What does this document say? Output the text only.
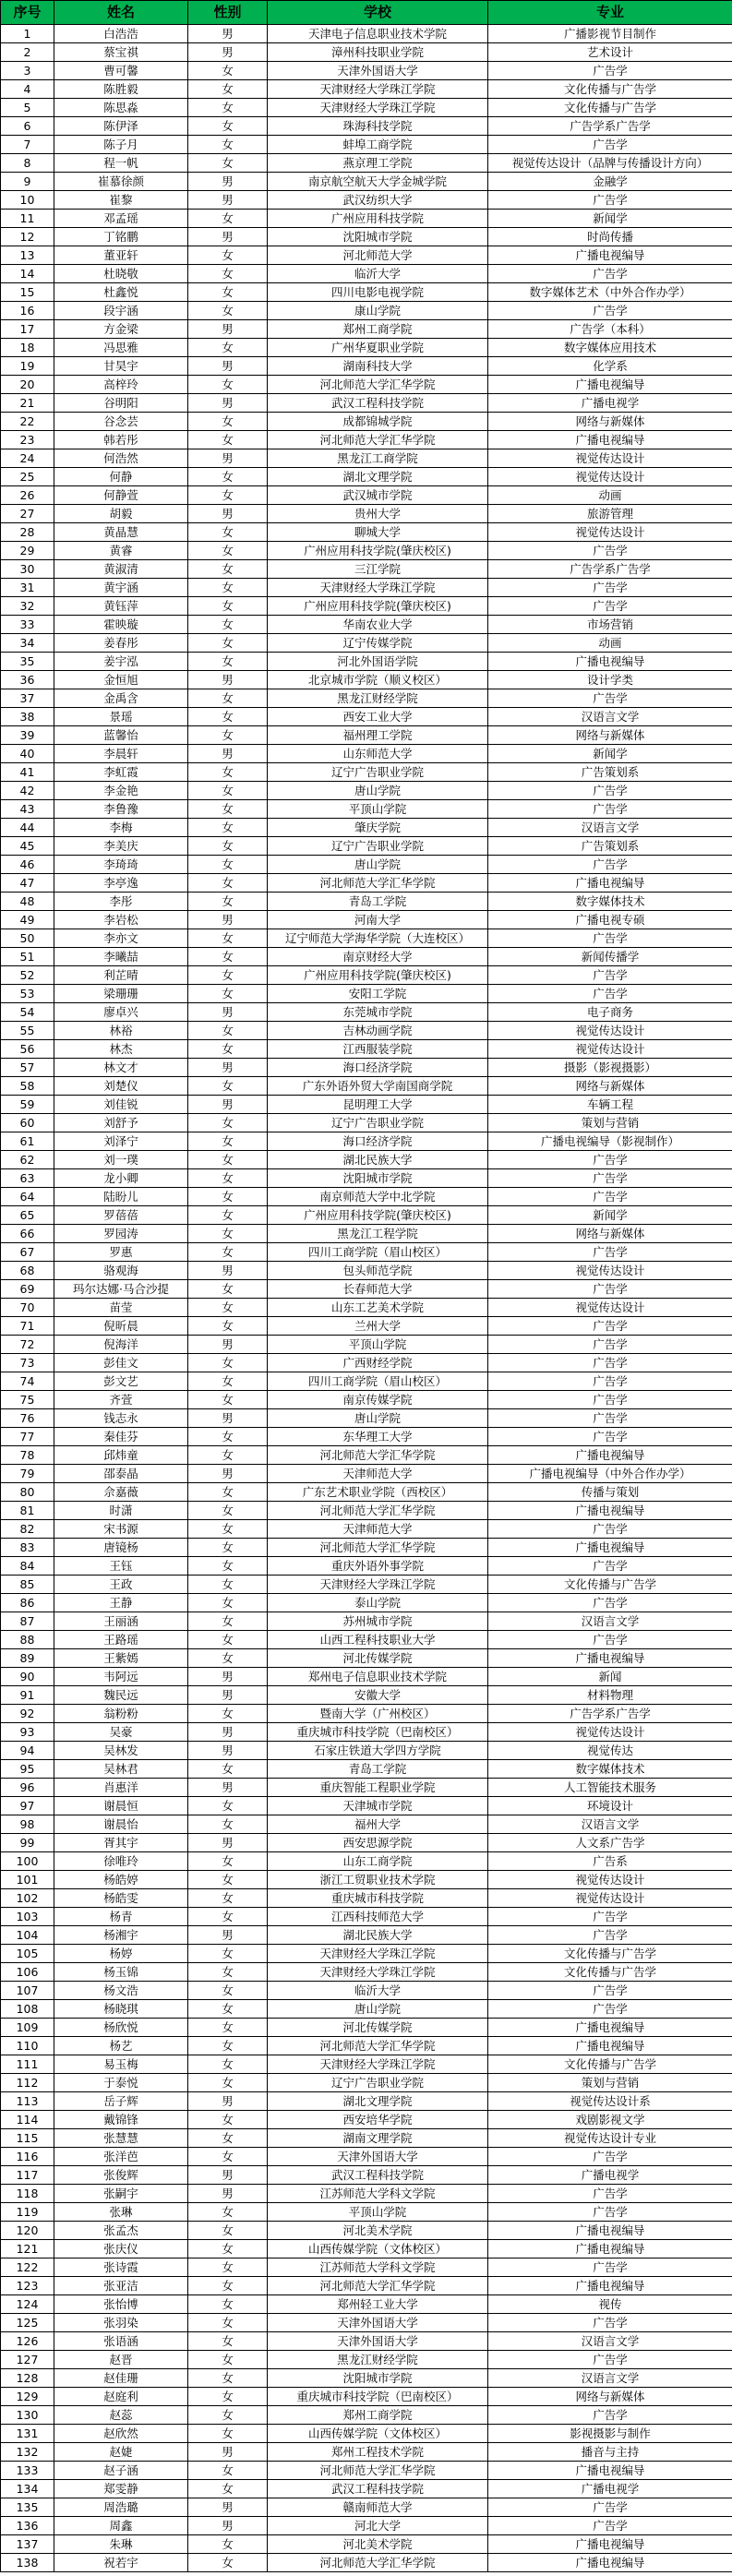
序号	姓名	性别	学校	专业
1	白浩浩	男	天津电子信息职业技术学院	广播影视节目制作
2	蔡宝祺	男	漳州科技职业学院	艺术设计
3	曹可馨	女	天津外国语大学	广告学
4	陈胜毅	女	天津财经大学珠江学院	文化传播与广告学
5	陈思淼	女	天津财经大学珠江学院	文化传播与广告学
6	陈伊泽	女	珠海科技学院	广告学系广告学
7	陈子月	女	蚌埠工商学院	广告学
8	程一帆	女	燕京理工学院	视觉传达设计（品牌与传播设计方向）
9	崔慕徐颜	男	南京航空航天大学金城学院	金融学
10	崔黎	男	武汉纺织大学	广告学
11	邓孟瑶	女	广州应用科技学院	新闻学
12	丁铭鹏	男	沈阳城市学院	时尚传播
13	董亚轩	女	河北师范大学	广播电视编导
14	杜晓敬	女	临沂大学	广告学
15	杜鑫悦	女	四川电影电视学院	数字媒体艺术（中外合作办学）
16	段宇涵	女	康山学院	广告学
17	方金梁	男	郑州工商学院	广告学（本科）
18	冯思雅	女	广州华夏职业学院	数字媒体应用技术
19	甘昊宇	男	湖南科技大学	化学系
20	高梓玲	女	河北师范大学汇华学院	广播电视编导
21	谷明阳	男	武汉工程科技学院	广播电视学
22	谷念芸	女	成都锦城学院	网络与新媒体
23	韩若彤	女	河北师范大学汇华学院	广播电视编导
24	何浩然	男	黑龙江工商学院	视觉传达设计
25	何静	女	湖北文理学院	视觉传达设计
26	何静萱	女	武汉城市学院	动画
27	胡毅	男	贵州大学	旅游管理
28	黄晶慧	女	聊城大学	视觉传达设计
29	黄睿	女	广州应用科技学院(肇庆校区)	广告学
30	黄淑清	女	三江学院	广告学系广告学
31	黄宇涵	女	天津财经大学珠江学院	广告学
32	黄钰萍	女	广州应用科技学院(肇庆校区)	广告学
33	霍映璇	女	华南农业大学	市场营销
34	姜春彤	女	辽宁传媒学院	动画
35	姜宇泓	女	河北外国语学院	广播电视编导
36	金恒旭	男	北京城市学院（顺义校区）	设计学类
37	金禹含	女	黑龙江财经学院	广告学
38	景瑶	女	西安工业大学	汉语言文学
39	蓝馨怡	女	福州理工学院	网络与新媒体
40	李晨轩	男	山东师范大学	新闻学
41	李虹霞	女	辽宁广告职业学院	广告策划系
42	李金艳	女	唐山学院	广告学
43	李鲁豫	女	平顶山学院	广告学
44	李梅	女	肇庆学院	汉语言文学
45	李美庆	女	辽宁广告职业学院	广告策划系
46	李琦琦	女	唐山学院	广告学
47	李亭逸	女	河北师范大学汇华学院	广播电视编导
48	李彤	女	青岛工学院	数字媒体技术
49	李岩松	男	河南大学	广播电视专硕
50	李亦文	女	辽宁师范大学海华学院（大连校区）	广告学
51	李曦喆	女	南京财经大学	新闻传播学
52	利芷晴	女	广州应用科技学院(肇庆校区)	广告学
53	梁珊珊	女	安阳工学院	广告学
54	廖卓兴	男	东莞城市学院	电子商务
55	林裕	女	吉林动画学院	视觉传达设计
56	林杰	女	江西服装学院	视觉传达设计
57	林文才	男	海口经济学院	摄影（影视摄影）
58	刘楚仪	女	广东外语外贸大学南国商学院	网络与新媒体
59	刘佳锐	男	昆明理工大学	车辆工程
60	刘舒予	女	辽宁广告职业学院	策划与营销
61	刘泽宁	女	海口经济学院	广播电视编导（影视制作）
62	刘一璞	女	湖北民族大学	广告学
63	龙小卿	女	沈阳城市学院	广告学
64	陆盼儿	女	南京师范大学中北学院	广告学
65	罗蓓蓓	女	广州应用科技学院(肇庆校区)	新闻学
66	罗园涛	女	黑龙江工程学院	网络与新媒体
67	罗惠	女	四川工商学院（眉山校区）	广告学
68	骆观海	男	包头师范学院	视觉传达设计
69	玛尔达娜·马合沙提	女	长春师范大学	广告学
70	苗莹	女	山东工艺美术学院	视觉传达设计
71	倪昕晨	女	兰州大学	广告学
72	倪海洋	男	平顶山学院	广告学
73	彭佳文	女	广西财经学院	广告学
74	彭文艺	女	四川工商学院（眉山校区）	广告学
75	齐萱	女	南京传媒学院	广告学
76	钱志永	男	唐山学院	广告学
77	秦佳芬	女	东华理工大学	广告学
78	邱炜童	女	河北师范大学汇华学院	广播电视编导
79	邵泰晶	男	天津师范大学	广播电视编导（中外合作办学）
80	佘嘉薇	女	广东艺术职业学院（西校区）	传播与策划
81	时潇	女	河北师范大学汇华学院	广播电视编导
82	宋书源	女	天津师范大学	广告学
83	唐镜杨	女	河北师范大学汇华学院	广播电视编导
84	王钰	女	重庆外语外事学院	广告学
85	王政	女	天津财经大学珠江学院	文化传播与广告学
86	王静	女	泰山学院	广告学
87	王丽涵	女	苏州城市学院	汉语言文学
88	王路瑶	女	山西工程科技职业大学	广告学
89	王紫嫣	女	河北传媒学院	广播电视编导
90	韦阿远	男	郑州电子信息职业技术学院	新闻
91	魏民远	男	安徽大学	材料物理
92	翁粉粉	女	暨南大学（广州校区）	广告学系广告学
93	吴豪	男	重庆城市科技学院（巴南校区）	视觉传达设计
94	吴林发	男	石家庄铁道大学四方学院	视觉传达
95	吴林君	女	青岛工学院	数字媒体技术
96	肖惠洋	男	重庆智能工程职业学院	人工智能技术服务
97	谢晨恒	女	天津城市学院	环境设计
98	谢晨怡	女	福州大学	汉语言文学
99	胥其宇	男	西安思源学院	人文系广告学
100	徐唯玲	女	山东工商学院	广告系
101	杨皓婷	女	浙江工贸职业技术学院	视觉传达设计
102	杨皓雯	女	重庆城市科技学院	视觉传达设计
103	杨青	女	江西科技师范大学	广告学
104	杨湘宇	男	湖北民族大学	广告学
105	杨婷	女	天津财经大学珠江学院	文化传播与广告学
106	杨玉锦	女	天津财经大学珠江学院	文化传播与广告学
107	杨文浩	女	临沂大学	广告学
108	杨晓琪	女	唐山学院	广告学
109	杨欣悦	女	河北传媒学院	广播电视编导
110	杨艺	女	河北师范大学汇华学院	广播电视编导
111	易玉梅	女	天津财经大学珠江学院	文化传播与广告学
112	于泰悦	女	辽宁广告职业学院	策划与营销
113	岳子辉	男	湖北文理学院	视觉传达设计系
114	戴锦锋	女	西安培华学院	戏剧影视文学
115	张慧慧	女	湖南文理学院	视觉传达设计专业
116	张洋芭	女	天津外国语大学	广告学
117	张俊辉	男	武汉工程科技学院	广播电视学
118	张嗣宇	男	江苏师范大学科文学院	广告学
119	张琳	女	平顶山学院	广告学
120	张孟杰	女	河北美术学院	广播电视编导
121	张庆仪	女	山西传媒学院（文体校区）	广播电视编导
122	张诗霞	女	江苏师范大学科文学院	广告学
123	张亚洁	女	河北师范大学汇华学院	广播电视编导
124	张怡博	女	郑州轻工业大学	视传
125	张羽染	女	天津外国语大学	广告学
126	张语涵	女	天津外国语大学	汉语言文学
127	赵晋	女	黑龙江财经学院	广告学
128	赵佳珊	女	沈阳城市学院	汉语言文学
129	赵庭利	女	重庆城市科技学院（巴南校区）	网络与新媒体
130	赵蕊	女	郑州工商学院	广告学
131	赵欣然	女	山西传媒学院（文体校区）	影视摄影与制作
132	赵婕	男	郑州工程技术学院	播音与主持
133	赵子涵	女	河北师范大学汇华学院	广播电视编导
134	郑雯静	女	武汉工程科技学院	广播电视学
135	周浩璐	男	赣南师范大学	广告学
136	周鑫	男	河北大学	广告学
137	朱琳	女	河北美术学院	广播电视编导
138	祝若宇	女	河北师范大学汇华学院	广播电视编导
